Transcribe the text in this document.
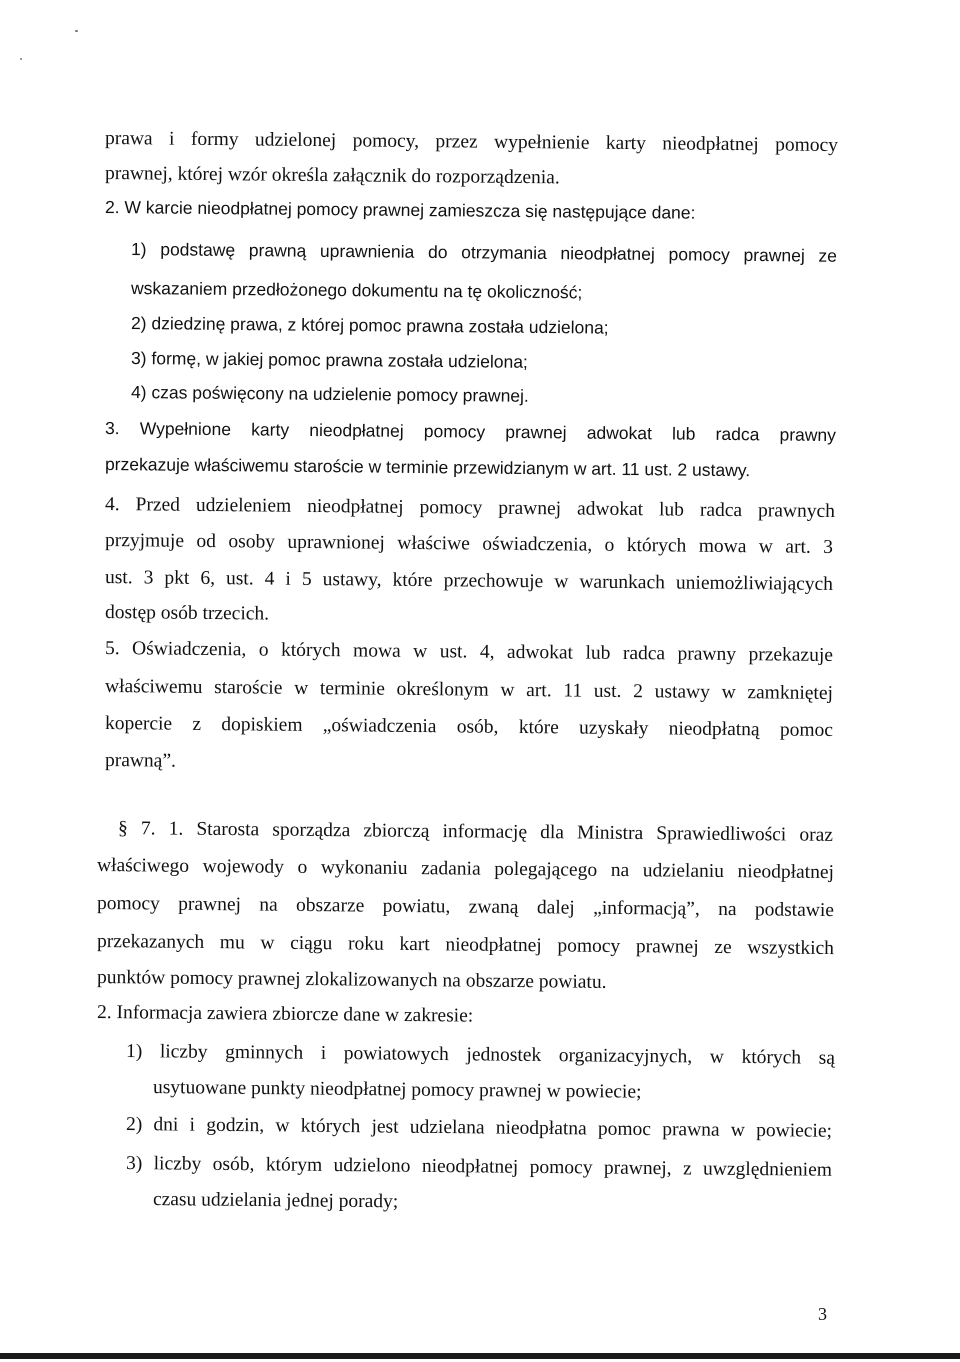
prawa i formy udzielonej pomocy, przez wypełnienie karty nieodpłatnej pomocy
prawnej, której wzór określa załącznik do rozporządzenia.
2. W karcie nieodpłatnej pomocy prawnej zamieszcza się następujące dane:
1) podstawę prawną uprawnienia do otrzymania nieodpłatnej pomocy prawnej ze
wskazaniem przedłożonego dokumentu na tę okoliczność;
2) dziedzinę prawa, z której pomoc prawna została udzielona;
3) formę, w jakiej pomoc prawna została udzielona;
4) czas poświęcony na udzielenie pomocy prawnej.
3. Wypełnione karty nieodpłatnej pomocy prawnej adwokat lub radca prawny
przekazuje właściwemu staroście w terminie przewidzianym w art. 11 ust. 2 ustawy.
4. Przed udzieleniem nieodpłatnej pomocy prawnej adwokat lub radca prawnych
przyjmuje od osoby uprawnionej właściwe oświadczenia, o których mowa w art. 3
ust. 3 pkt 6, ust. 4 i 5 ustawy, które przechowuje w warunkach uniemożliwiających
dostęp osób trzecich.
5. Oświadczenia, o których mowa w ust. 4, adwokat lub radca prawny przekazuje
właściwemu staroście w terminie określonym w art. 11 ust. 2 ustawy w zamkniętej
kopercie z dopiskiem „oświadczenia osób, które uzyskały nieodpłatną pomoc
prawną”.
§ 7. 1. Starosta sporządza zbiorczą informację dla Ministra Sprawiedliwości oraz
właściwego wojewody o wykonaniu zadania polegającego na udzielaniu nieodpłatnej
pomocy prawnej na obszarze powiatu, zwaną dalej „informacją”, na podstawie
przekazanych mu w ciągu roku kart nieodpłatnej pomocy prawnej ze wszystkich
punktów pomocy prawnej zlokalizowanych na obszarze powiatu.
2. Informacja zawiera zbiorcze dane w zakresie:
1) liczby gminnych i powiatowych jednostek organizacyjnych, w których są
usytuowane punkty nieodpłatnej pomocy prawnej w powiecie;
2) dni i godzin, w których jest udzielana nieodpłatna pomoc prawna w powiecie;
3) liczby osób, którym udzielono nieodpłatnej pomocy prawnej, z uwzględnieniem
czasu udzielania jednej porady;
3
